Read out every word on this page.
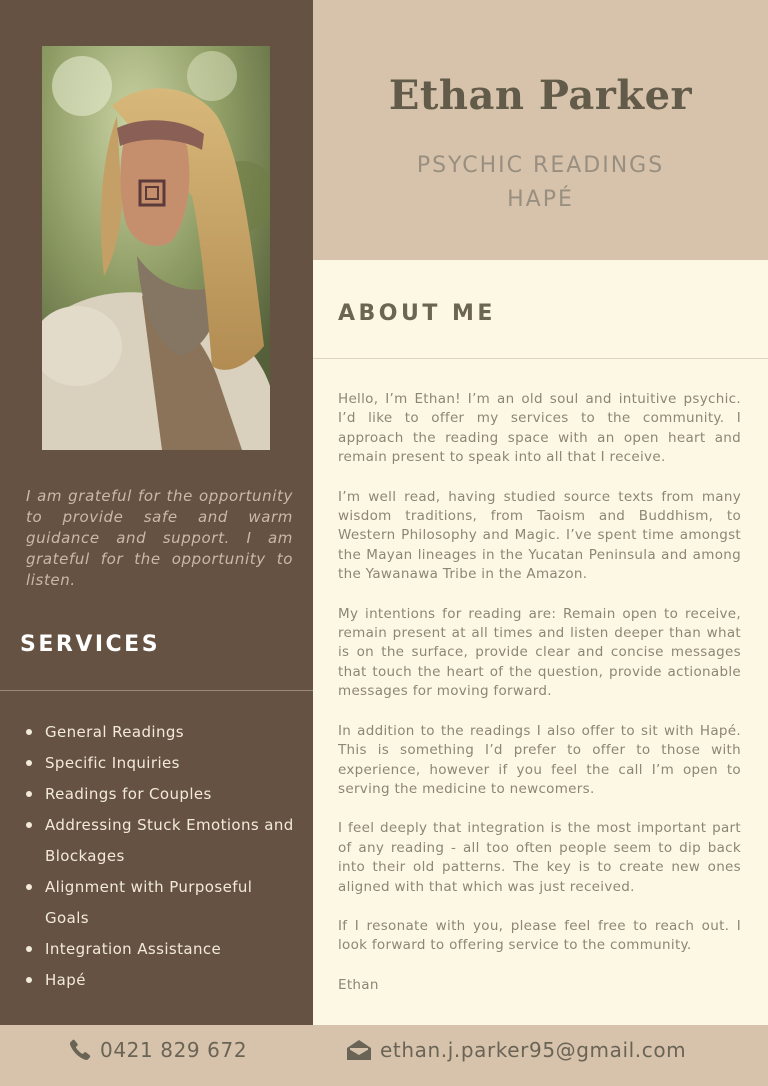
I am grateful for the opportunity to provide safe and warm guidance and support. I am grateful for the opportunity to listen.

SERVICES
General Readings
Specific Inquiries
Readings for Couples
Addressing Stuck Emotions and Blockages
Alignment with Purposeful Goals
Integration Assistance
Hapé
Ethan Parker

PSYCHIC READINGS

HAPÉ

ABOUT ME

Hello, I’m Ethan! I’m an old soul and intuitive psychic. I’d like to offer my services to the community. I approach the reading space with an open heart and remain present to speak into all that I receive.

I’m well read, having studied source texts from many wisdom traditions, from Taoism and Buddhism, to Western Philosophy and Magic. I’ve spent time amongst the Mayan lineages in the Yucatan Peninsula and among the Yawanawa Tribe in the Amazon.

My intentions for reading are: Remain open to receive, remain present at all times and listen deeper than what is on the surface, provide clear and concise messages that touch the heart of the question, provide actionable messages for moving forward.

In addition to the readings I also offer to sit with Hapé. This is something I’d prefer to offer to those with experience, however if you feel the call I’m open to serving the medicine to newcomers.

I feel deeply that integration is the most important part of any reading - all too often people seem to dip back into their old patterns. The key is to create new ones aligned with that which was just received.

If I resonate with you, please feel free to reach out. I look forward to offering service to the community.

Ethan

0421 829 672	ethan.j.parker95@gmail.com
